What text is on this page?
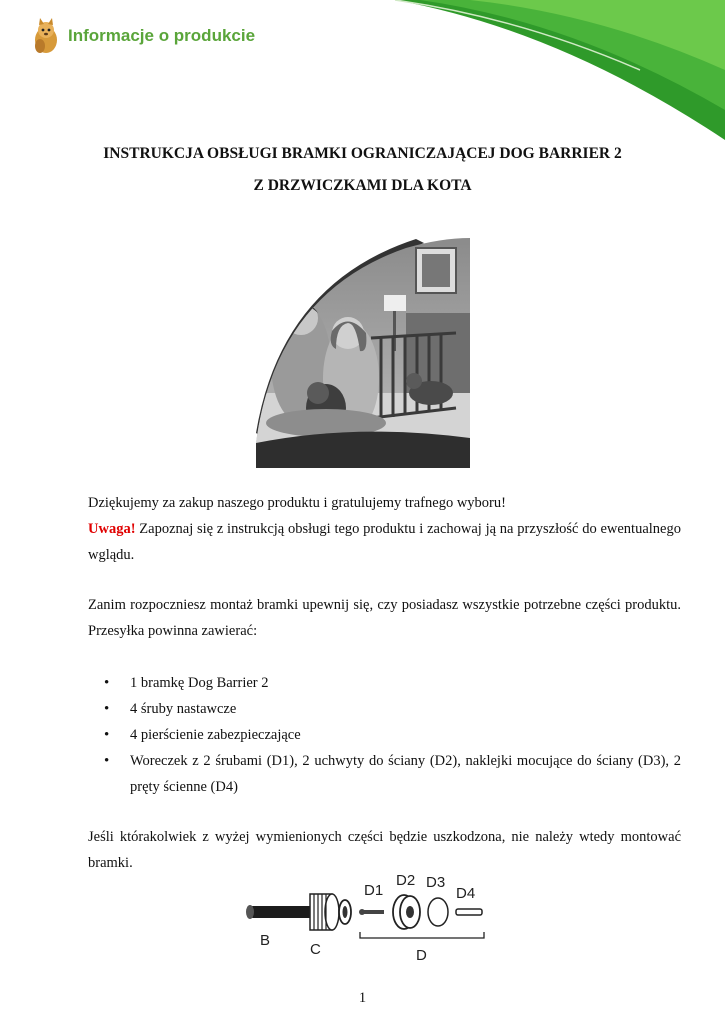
Informacje o produkcie
INSTRUKCJA OBSŁUGI BRAMKI OGRANICZAJĄCEJ DOG BARRIER 2
Z DRZWICZKAMI DLA KOTA

Dziękujemy za zakup naszego produktu i gratulujemy trafnego wyboru!
Uwaga! Zapoznaj się z instrukcją obsługi tego produktu i zachowaj ją na przyszłość do ewentualnego wglądu.

Zanim rozpoczniesz montaż bramki upewnij się, czy posiadasz wszystkie potrzebne części produktu. Przesyłka powinna zawierać:

• 1 bramkę Dog Barrier 2
• 4 śruby nastawcze
• 4 pierścienie zabezpieczające
• Woreczek z 2 śrubami (D1), 2 uchwyty do ściany (D2), naklejki mocujące do ściany (D3), 2 pręty ścienne (D4)

Jeśli którakolwiek z wyżej wymienionych części będzie uszkodzona, nie należy wtedy montować bramki.

B
C	D
D1
D2 D3
D4
1
